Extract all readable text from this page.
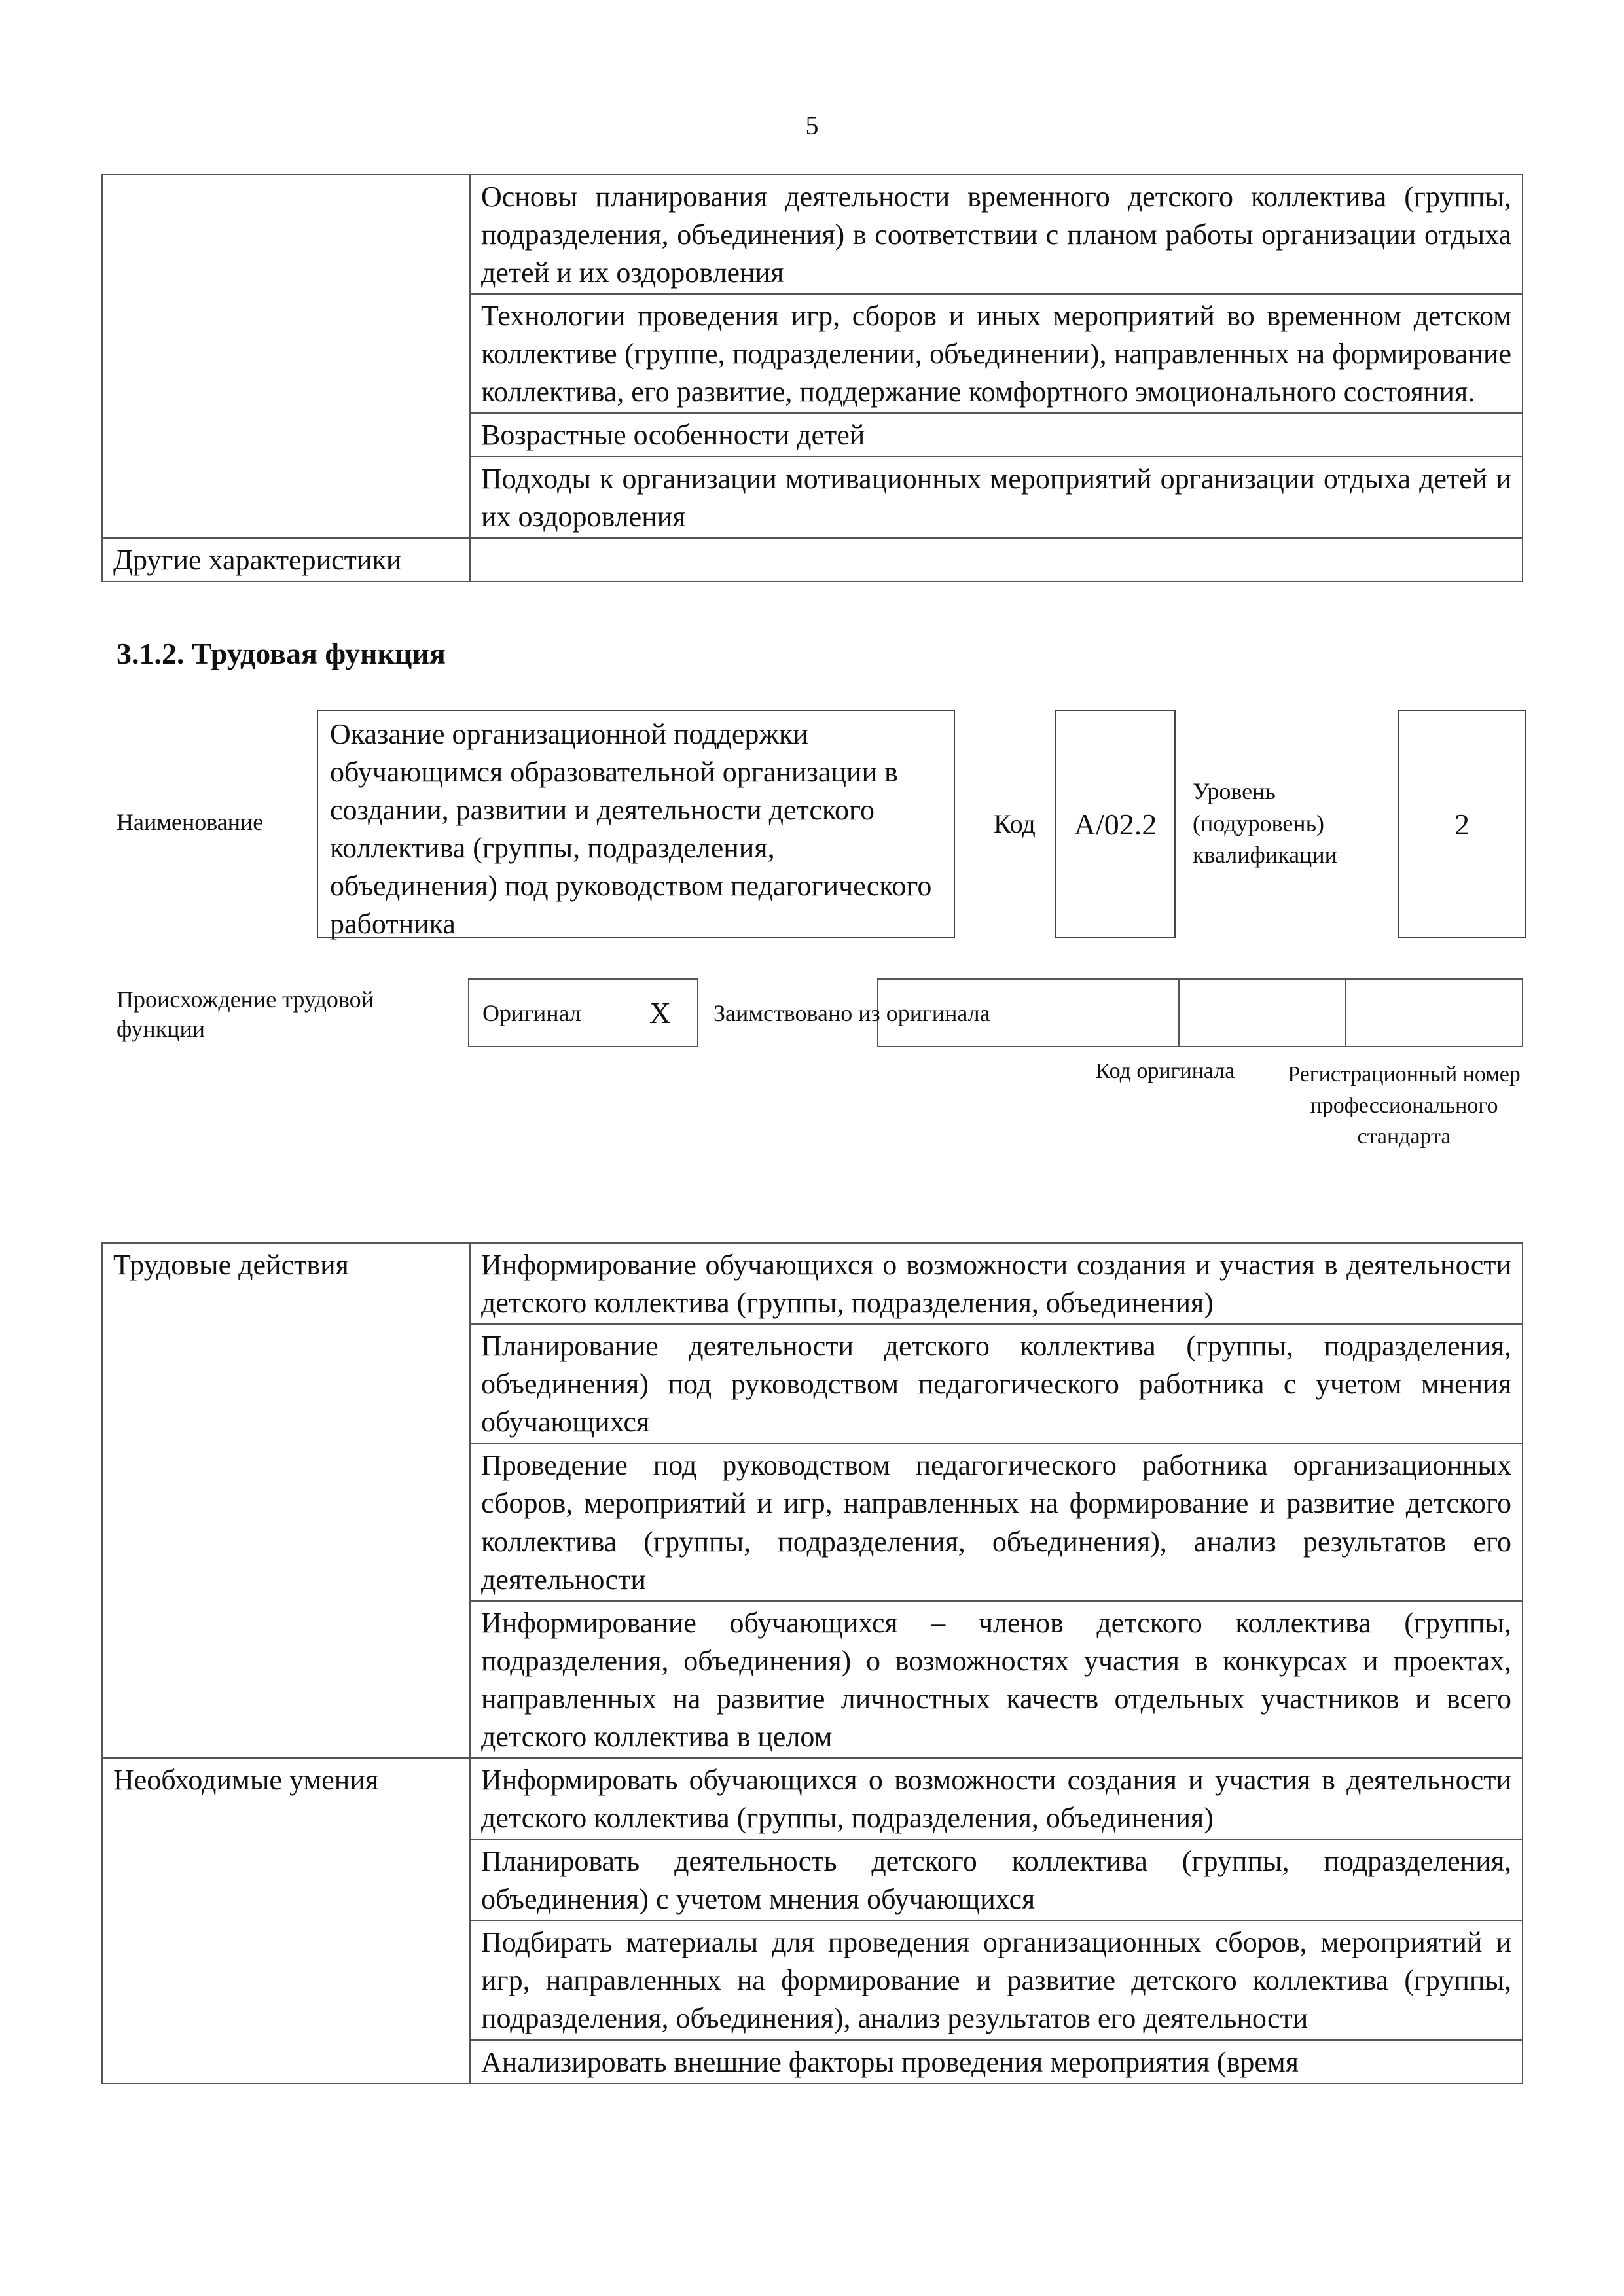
5
	Основы планирования деятельности временного детского коллектива (группы, подразделения, объединения) в соответствии с планом работы организации отдыха детей и их оздоровления
	Технологии проведения игр, сборов и иных мероприятий во временном детском коллективе (группе, подразделении, объединении), направленных на формирование коллектива, его развитие, поддержание комфортного эмоционального состояния.
	Возрастные особенности детей
	Подходы к организации мотивационных мероприятий организации отдыха детей и их оздоровления
Другие характеристики	
3.1.2. Трудовая функция
Наименование
Оказание организационной поддержки обучающимся образовательной организации в создании, развитии и деятельности детского коллектива (группы, подразделения, объединения) под руководством педагогического работника
Код	A/02.2
Уровень (подуровень) квалификации
2
Происхождение трудовой функции
Оригинал X Заимствовано из оригинала
Код оригинала	Регистрационный номер профессионального стандарта
Трудовые действия	Информирование обучающихся о возможности создания и участия в деятельности детского коллектива (группы, подразделения, объединения)
	Планирование деятельности детского коллектива (группы, подразделения, объединения) под руководством педагогического работника с учетом мнения обучающихся
	Проведение под руководством педагогического работника организационных сборов, мероприятий и игр, направленных на формирование и развитие детского коллектива (группы, подразделения, объединения), анализ результатов его деятельности
	Информирование обучающихся – членов детского коллектива (группы, подразделения, объединения) о возможностях участия в конкурсах и проектах, направленных на развитие личностных качеств отдельных участников и всего детского коллектива в целом
Необходимые умения	Информировать обучающихся о возможности создания и участия в деятельности детского коллектива (группы, подразделения, объединения)
	Планировать деятельность детского коллектива (группы, подразделения, объединения) с учетом мнения обучающихся
	Подбирать материалы для проведения организационных сборов, мероприятий и игр, направленных на формирование и развитие детского коллектива (группы, подразделения, объединения), анализ результатов его деятельности
	Анализировать внешние факторы проведения мероприятия (время
